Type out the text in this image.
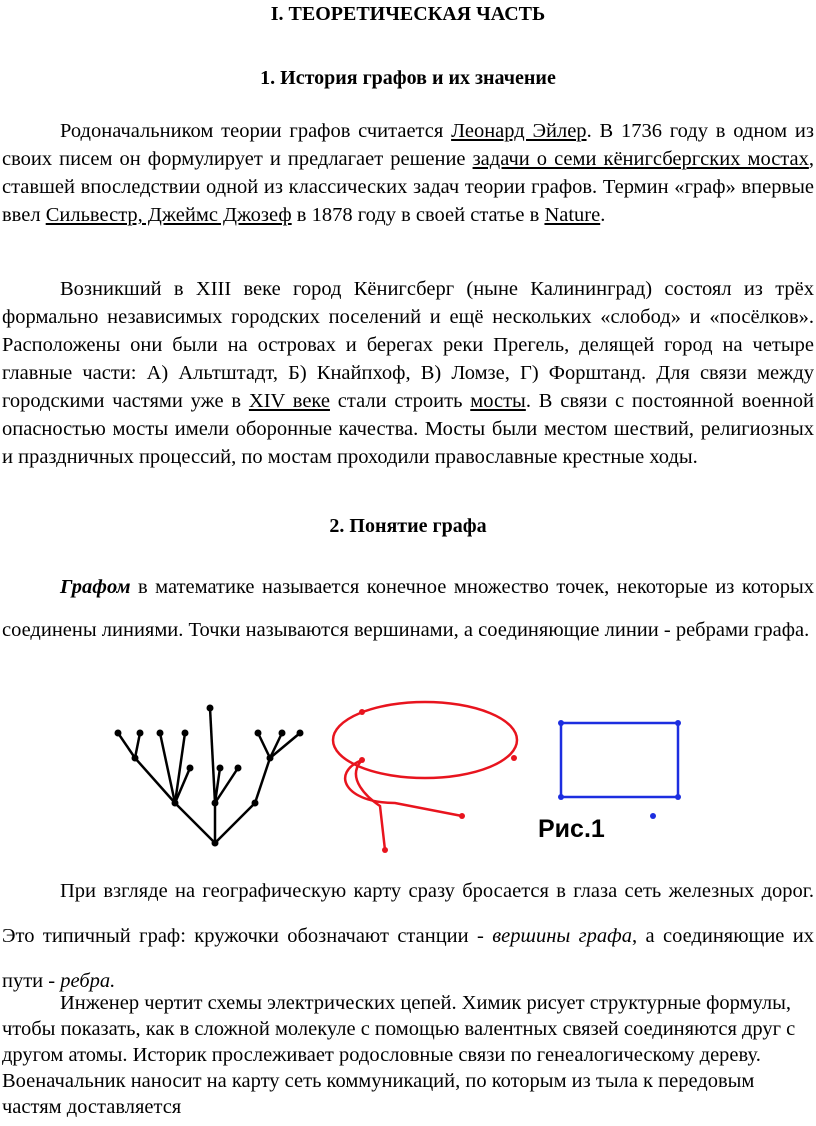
I. ТЕОРЕТИЧЕСКАЯ ЧАСТЬ
1. История графов и их значение

Родоначальником теории графов считается Леонард Эйлер. В 1736 году в одном из своих писем он формулирует и предлагает решение задачи о семи кёнигсбергских мостах, ставшей впоследствии одной из классических задач теории графов. Термин «граф» впервые ввел Сильвестр, Джеймс Джозеф в 1878 году в своей статье в Nature.

Возникший в XIII веке город Кёнигсберг (ныне Калининград) состоял из трёх формально независимых городских поселений и ещё нескольких «слобод» и «посёлков». Расположены они были на островах и берегах реки Прегель, делящей город на четыре главные части: А) Альтштадт, Б) Кнайпхоф, В) Ломзе, Г) Форштанд. Для связи между городскими частями уже в XIV веке стали строить мосты. В связи с постоянной военной опасностью мосты имели оборонные качества. Мосты были местом шествий, религиозных и праздничных процессий, по мостам проходили православные крестные ходы.

2. Понятие графа

Графом в математике называется конечное множество точек, некоторые из которых соединены линиями. Точки называются вершинами, а соединяющие линии - ребрами графа.

Рис.1

При взгляде на географическую карту сразу бросается в глаза сеть железных дорог. Это типичный граф: кружочки обозначают станции - вершины графа, а соединяющие их пути - ребра.

Инженер чертит схемы электрических цепей. Химик рисует структурные формулы, чтобы показать, как в сложной молекуле с помощью валентных связей соединяются друг с другом атомы. Историк прослеживает родословные связи по генеалогическому дереву. Военачальник наносит на карту сеть коммуникаций, по которым из тыла к передовым частям доставляется
